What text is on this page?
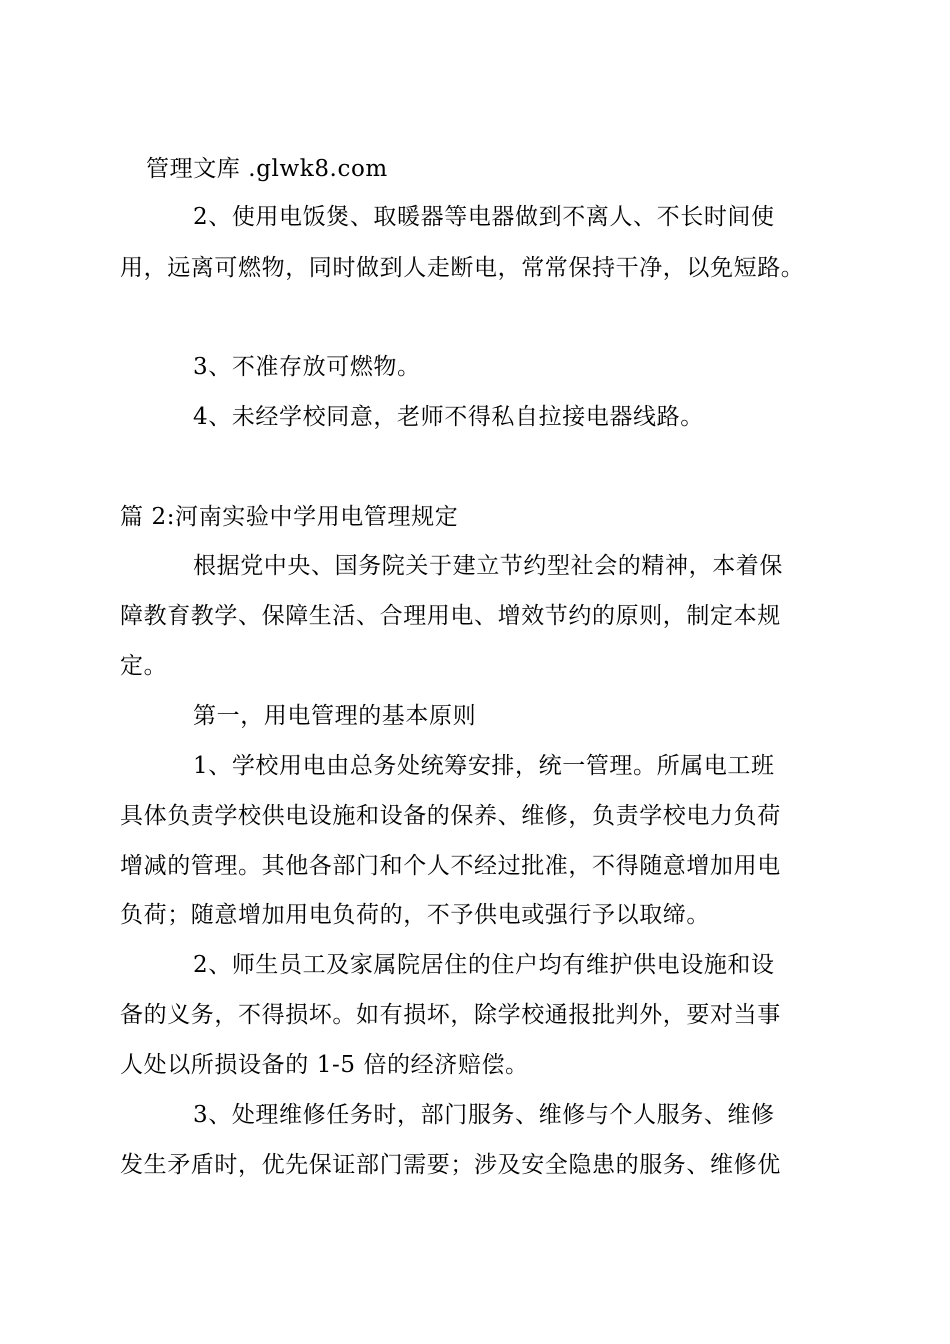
管理文库 .glwk8.com
2、使用电饭煲、取暖器等电器做到不离人、不长时间使
用，远离可燃物，同时做到人走断电，常常保持干净，以免短路。
3、不准存放可燃物。
4、未经学校同意，老师不得私自拉接电器线路。
篇 2:河南实验中学用电管理规定
根据党中央、国务院关于建立节约型社会的精神，本着保
障教育教学、保障生活、合理用电、增效节约的原则，制定本规
定。
第一，用电管理的基本原则
1、学校用电由总务处统筹安排，统一管理。所属电工班
具体负责学校供电设施和设备的保养、维修，负责学校电力负荷
增减的管理。其他各部门和个人不经过批准，不得随意增加用电
负荷；随意增加用电负荷的，不予供电或强行予以取缔。
2、师生员工及家属院居住的住户均有维护供电设施和设
备的义务，不得损坏。如有损坏，除学校通报批判外，要对当事
人处以所损设备的 1-5 倍的经济赔偿。
3、处理维修任务时，部门服务、维修与个人服务、维修
发生矛盾时，优先保证部门需要；涉及安全隐患的服务、维修优
